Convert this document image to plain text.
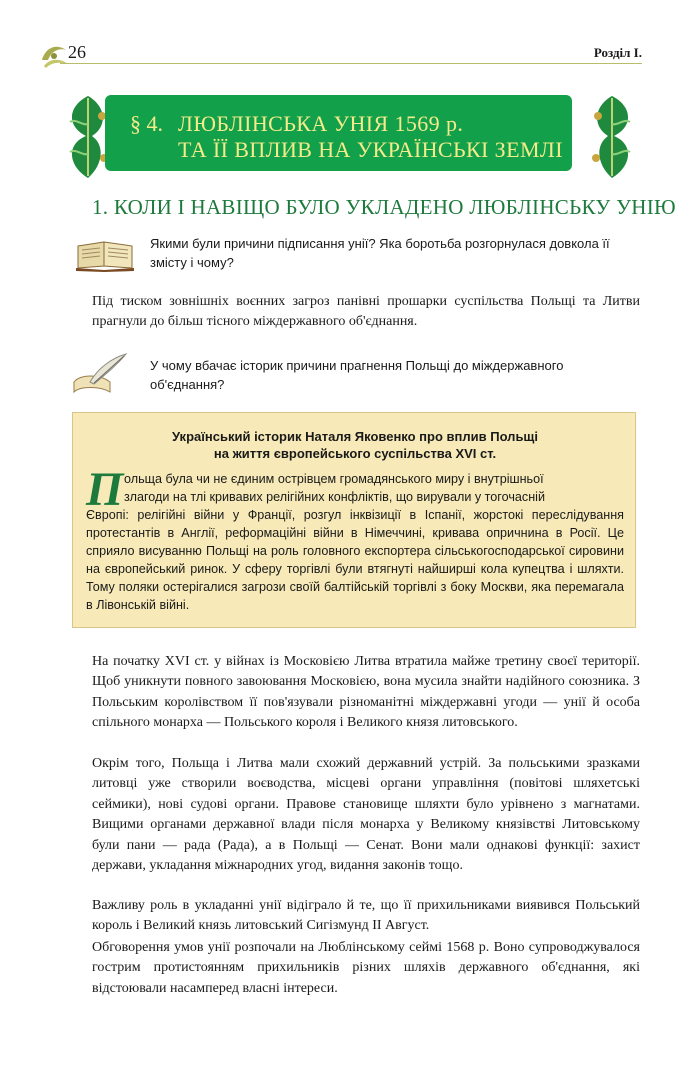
26	Розділ І.
§ 4. ЛЮБЛІНСЬКА УНІЯ 1569 р.
ТА ЇЇ ВПЛИВ НА УКРАЇНСЬКІ ЗЕМЛІ
1. КОЛИ І НАВІЩО БУЛО УКЛАДЕНО ЛЮБЛІНСЬКУ УНІЮ
Якими були причини підписання унії? Яка боротьба розгорнулася довкола її змісту і чому?
Під тиском зовнішніх воєнних загроз панівні прошарки суспільства Польщі та Литви прагнули до більш тісного міждержавного об'єднання.
У чому вбачає історик причини прагнення Польщі до міждержавного об'єднання?
Український історик Наталя Яковенко про вплив Польщі
на життя європейського суспільства XVI ст.
П ольща була чи не єдиним острівцем громадянського миру і внутрішньої
злагоди на тлі кривавих релігійних конфліктів, що вирували у тогочасній
Європі: релігійні війни у Франції, розгул інквізиції в Іспанії, жорстокі переслідування протестантів в Англії, реформаційні війни в Німеччині, кривава опричнина в Росії. Це сприяло висуванню Польщі на роль головного експортера сільськогосподарської сировини на європейський ринок. У сферу торгівлі були втягнуті найширші кола купецтва і шляхти. Тому поляки остерігалися загрози своїй балтійській торгівлі з боку Москви, яка перемагала в Лівонській війні.
На початку XVI ст. у війнах із Московією Литва втратила майже третину своєї території. Щоб уникнути повного завоювання Московією, вона мусила знайти надійного союзника. З Польським королівством її пов'язували різноманітні міждержавні угоди — унії й особа спільного монарха — Польського короля і Великого князя литовського.
Окрім того, Польща і Литва мали схожий державний устрій. За польськими зразками литовці уже створили воєводства, місцеві органи управління (повітові шляхетські сеймики), нові судові органи. Правове становище шляхти було урівнено з магнатами. Вищими органами державної влади після монарха у Великому князівстві Литовському були пани — рада (Рада), а в Польщі — Сенат. Вони мали однакові функції: захист держави, укладання міжнародних угод, видання законів тощо.
Важливу роль в укладанні унії відіграло й те, що її прихильниками виявився Польський король і Великий князь литовський Сигізмунд ІІ Август.
Обговорення умов унії розпочали на Люблінському сеймі 1568 р. Воно супроводжувалося гострим протистоянням прихильників різних шляхів державного об'єднання, які відстоювали насамперед власні інтереси.
